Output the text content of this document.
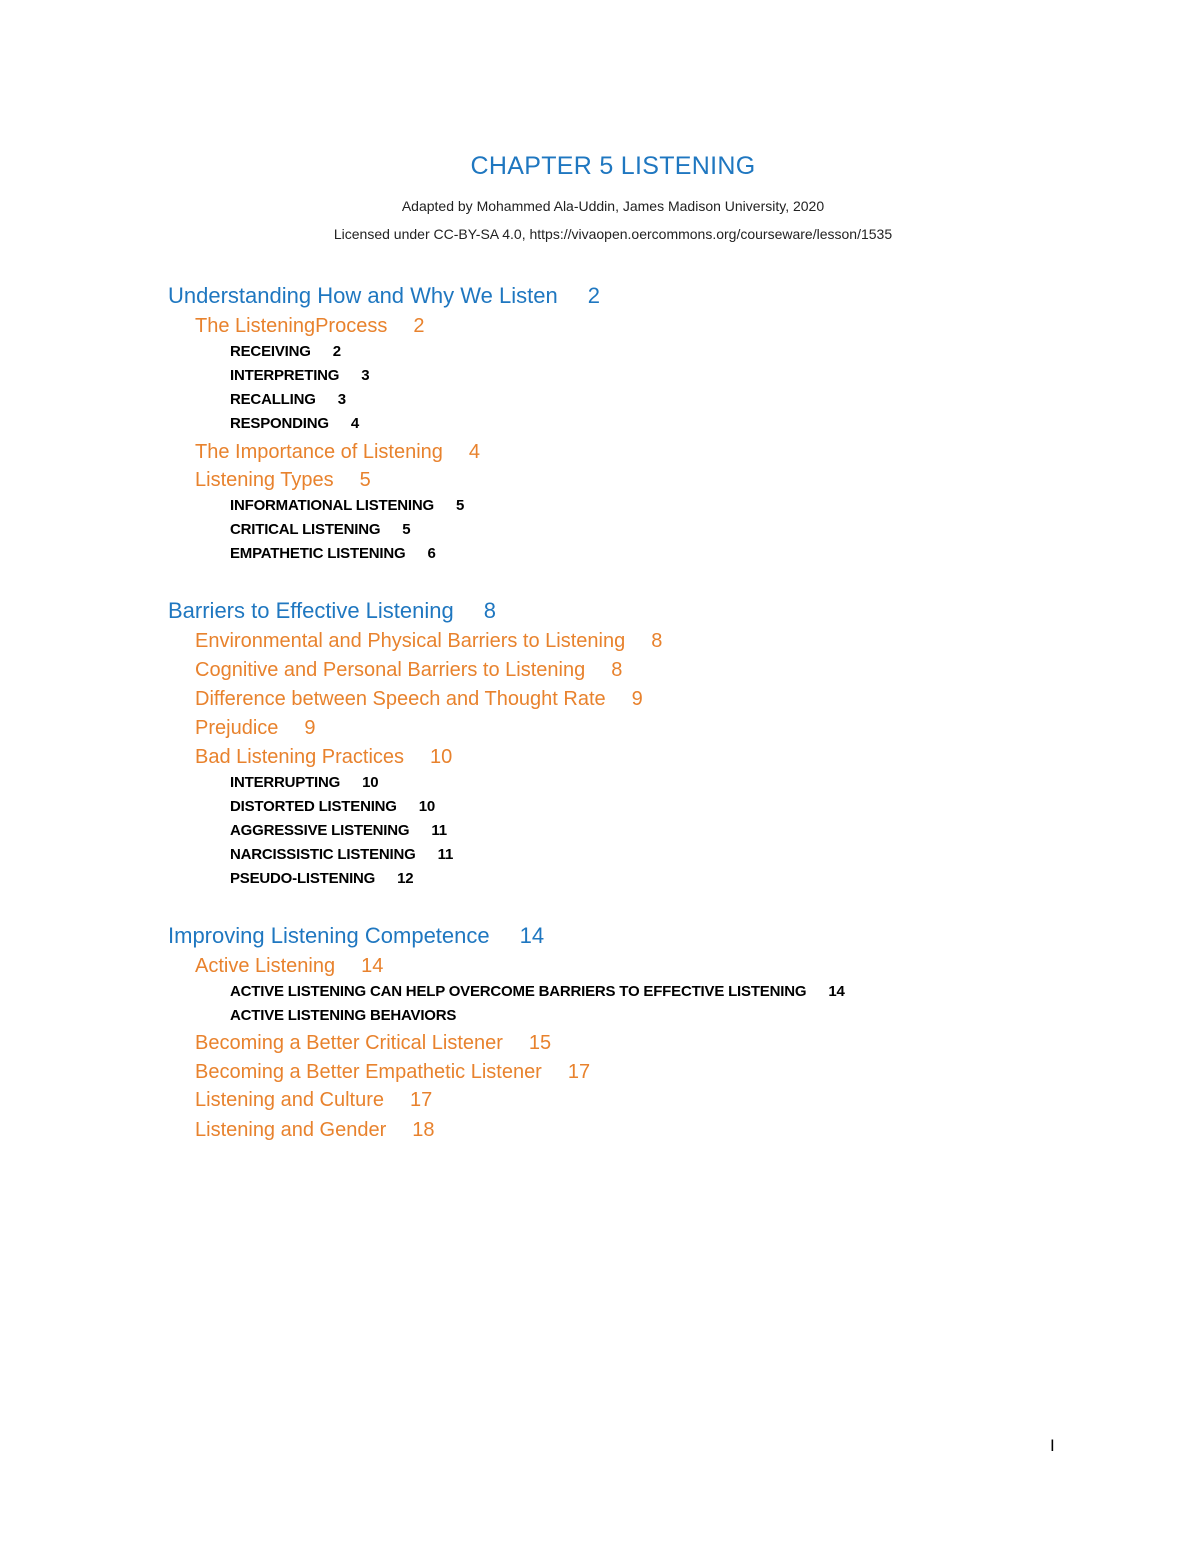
CHAPTER 5 LISTENING
Adapted by Mohammed Ala-Uddin, James Madison University, 2020
Licensed under CC-BY-SA 4.0, https://vivaopen.oercommons.org/courseware/lesson/1535
Understanding How and Why We Listen 2
The ListeningProcess 2
RECEIVING 2
INTERPRETING 3
RECALLING 3
RESPONDING 4
The Importance of Listening 4
Listening Types 5
INFORMATIONAL LISTENING 5
CRITICAL LISTENING 5
EMPATHETIC LISTENING 6
Barriers to Effective Listening 8
Environmental and Physical Barriers to Listening 8
Cognitive and Personal Barriers to Listening 8
Difference between Speech and Thought Rate 9
Prejudice 9
Bad Listening Practices 10
INTERRUPTING 10
DISTORTED LISTENING 10
AGGRESSIVE LISTENING 11
NARCISSISTIC LISTENING 11
PSEUDO-LISTENING 12
Improving Listening Competence 14
Active Listening 14
ACTIVE LISTENING CAN HELP OVERCOME BARRIERS TO EFFECTIVE LISTENING 14
ACTIVE LISTENING BEHAVIORS
Becoming a Better Critical Listener 15
Becoming a Better Empathetic Listener 17
Listening and Culture 17
Listening and Gender 18
I
